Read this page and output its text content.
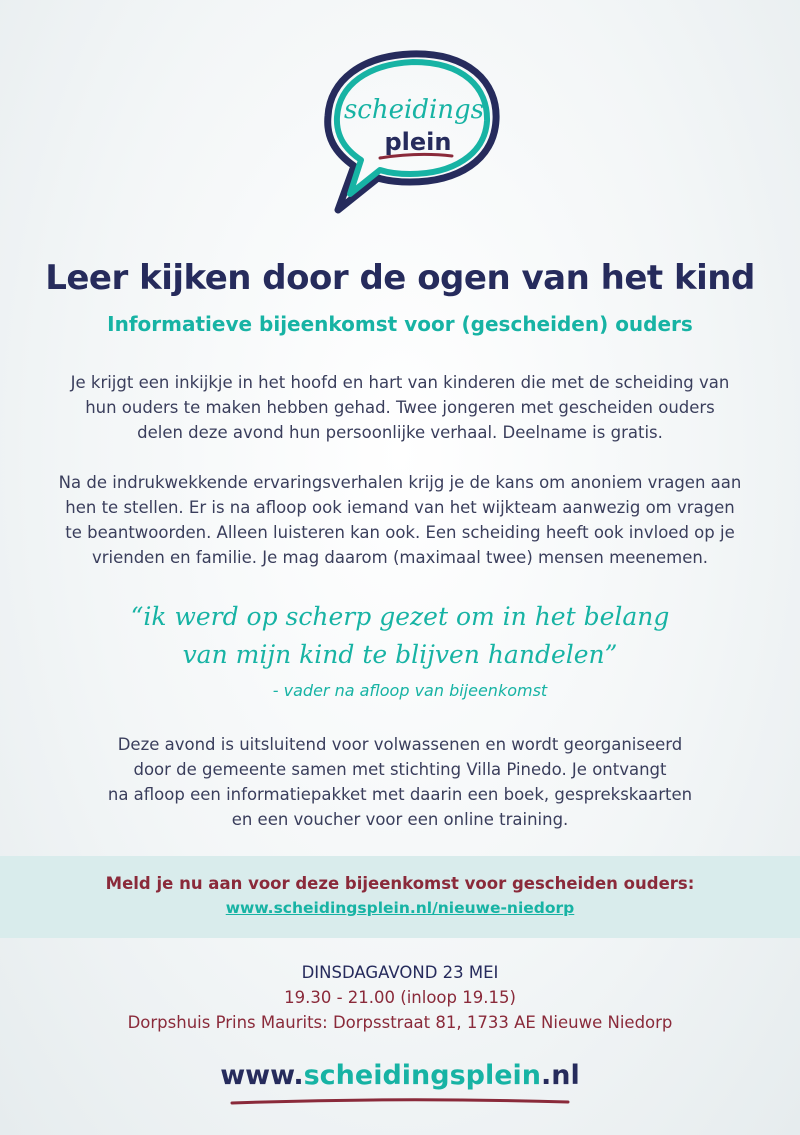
scheidings
plein
Leer kijken door de ogen van het kind
Informatieve bijeenkomst voor (gescheiden) ouders
Je krijgt een inkijkje in het hoofd en hart van kinderen die met de scheiding van
hun ouders te maken hebben gehad. Twee jongeren met gescheiden ouders
delen deze avond hun persoonlijke verhaal. Deelname is gratis.
Na de indrukwekkende ervaringsverhalen krijg je de kans om anoniem vragen aan
hen te stellen. Er is na afloop ook iemand van het wijkteam aanwezig om vragen
te beantwoorden. Alleen luisteren kan ook. Een scheiding heeft ook invloed op je
vrienden en familie. Je mag daarom (maximaal twee) mensen meenemen.
“ik werd op scherp gezet om in het belang
van mijn kind te blijven handelen”
- vader na afloop van bijeenkomst
Deze avond is uitsluitend voor volwassenen en wordt georganiseerd
door de gemeente samen met stichting Villa Pinedo. Je ontvangt
na afloop een informatiepakket met daarin een boek, gesprekskaarten
en een voucher voor een online training.
Meld je nu aan voor deze bijeenkomst voor gescheiden ouders:
www.scheidingsplein.nl/nieuwe-niedorp
DINSDAGAVOND 23 MEI
19.30 - 21.00 (inloop 19.15)
Dorpshuis Prins Maurits: Dorpsstraat 81, 1733 AE Nieuwe Niedorp
www.scheidingsplein.nl
